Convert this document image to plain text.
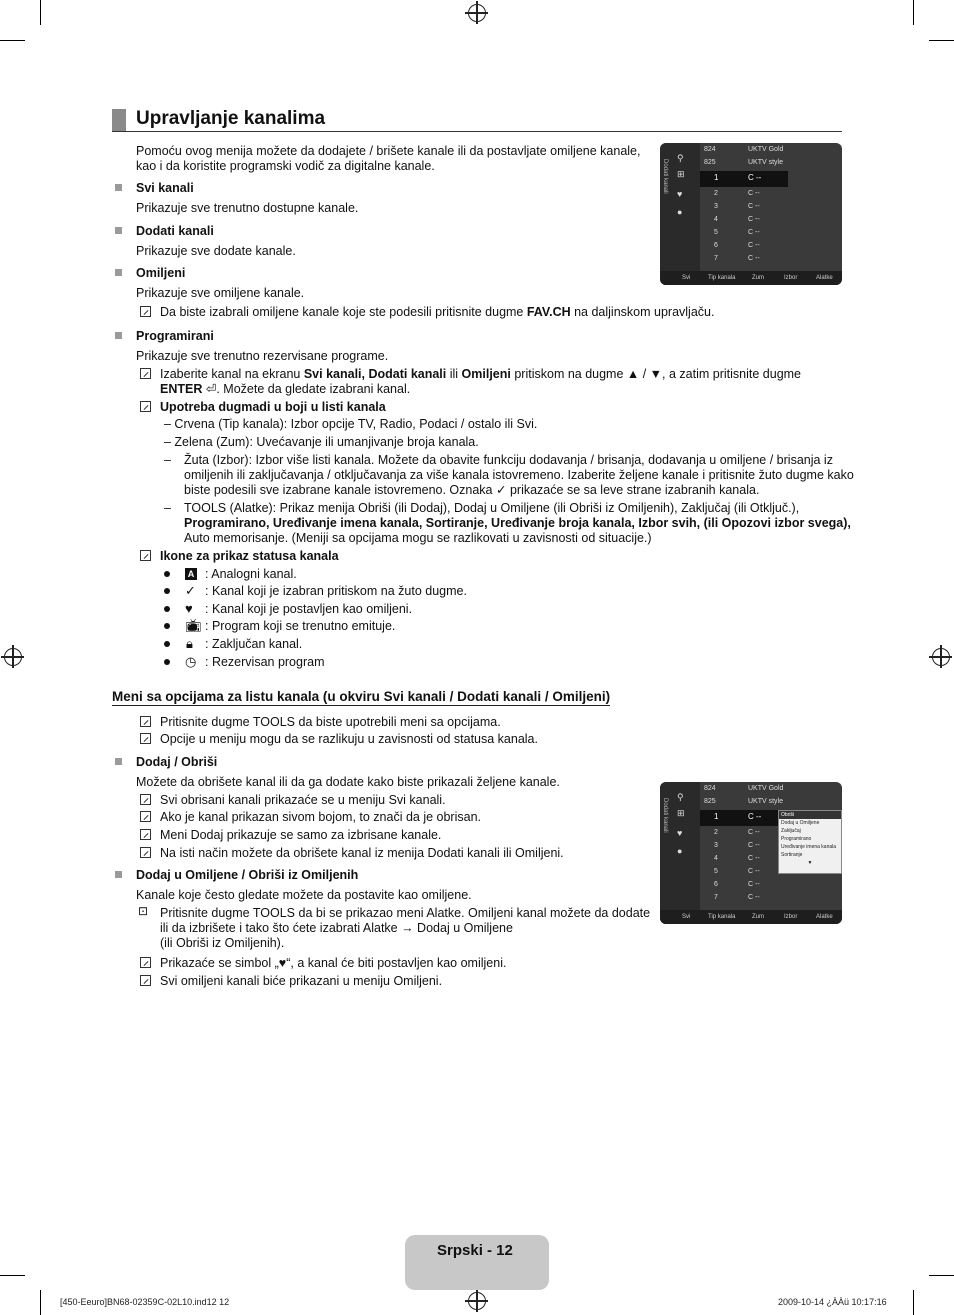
Upravljanje kanalima
Pomoću ovog menija možete da dodajete / brišete kanale ili da postavljate omiljene kanale,
kao i da koristite programski vodič za digitalne kanale.
Svi kanali
Prikazuje sve trenutno dostupne kanale.
Dodati kanali
Prikazuje sve dodate kanale.
Omiljeni
Prikazuje sve omiljene kanale.
Da biste izabrali omiljene kanale koje ste podesili pritisnite dugme FAV.CH na daljinskom upravljaču.
Programirani
Prikazuje sve trenutno rezervisane programe.
Izaberite kanal na ekranu Svi kanali, Dodati kanali ili Omiljeni pritiskom na dugme ▲ / ▼, a zatim pritisnite dugme
ENTER ⏎. Možete da gledate izabrani kanal.
Upotreba dugmadi u boji u listi kanala
– Crvena (Tip kanala): Izbor opcije TV, Radio, Podaci / ostalo ili Svi.
– Zelena (Zum): Uvećavanje ili umanjivanje broja kanala.
– Žuta (Izbor): Izbor više listi kanala. Možete da obavite funkciju dodavanja / brisanja, dodavanja u omiljene / brisanja iz
omiljenih ili zaključavanja / otključavanja za više kanala istovremeno. Izaberite željene kanale i pritisnite žuto dugme kako
biste podesili sve izabrane kanale istovremeno. Oznaka ✓ prikazaće se sa leve strane izabranih kanala.
– TOOLS (Alatke): Prikaz menija Obriši (ili Dodaj), Dodaj u Omiljene (ili Obriši iz Omiljenih), Zaključaj (ili Otključ.),
Programirano, Uređivanje imena kanala, Sortiranje, Uređivanje broja kanala, Izbor svih, (ili Opozovi izbor svega),
Auto memorisanje. (Meniji sa opcijama mogu se razlikovati u zavisnosti od situacije.)
Ikone za prikaz statusa kanala
A : Analogni kanal.
✓ : Kanal koji je izabran pritiskom na žuto dugme.
♥ : Kanal koji je postavljen kao omiljeni.
📺︎ : Program koji se trenutno emituje.
🔒︎ : Zaključan kanal.
◷ : Rezervisan program
Meni sa opcijama za listu kanala (u okviru Svi kanali / Dodati kanali / Omiljeni)
Pritisnite dugme TOOLS da biste upotrebili meni sa opcijama.
Opcije u meniju mogu da se razlikuju u zavisnosti od statusa kanala.
Dodaj / Obriši
Možete da obrišete kanal ili da ga dodate kako biste prikazali željene kanale.
Svi obrisani kanali prikazaće se u meniju Svi kanali.
Ako je kanal prikazan sivom bojom, to znači da je obrisan.
Meni Dodaj prikazuje se samo za izbrisane kanale.
Na isti način možete da obrišete kanal iz menija Dodati kanali ili Omiljeni.
Dodaj u Omiljene / Obriši iz Omiljenih
Kanale koje često gledate možete da postavite kao omiljene.
⊡ Pritisnite dugme TOOLS da bi se prikazao meni Alatke. Omiljeni kanal možete da dodate
ili da izbrišete i tako što ćete izabrati Alatke → Dodaj u Omiljene
(ili Obriši iz Omiljenih).
Prikazaće se simbol „♥“, a kanal će biti postavljen kao omiljeni.
Svi omiljeni kanali biće prikazani u meniju Omiljeni.
Dodati kanali
⚲
⊞
♥
●
824	UKTV Gold
825	UKTV style
1	C --
2	C --
3	C --
4	C --
5	C --
6	C --
7	C --
Svi	Tip kanala	Zum	Izbor	Alatke
Dodati kanali
⚲
⊞
♥
●
824	UKTV Gold
825	UKTV style
1	C --
2	C --
3	C --
4	C --
5	C --
6	C --
7	C --
Obriši
Dodaj u Omiljene
Zaključaj
Programirano
Uređivanje imena kanala
Sortiranje
▼
Svi	Tip kanala	Zum	Izbor	Alatke
Srpski - 12
[450-Eeuro]BN68-02359C-02L10.ind12 12	2009-10-14 ¿ÀÀü 10:17:16
